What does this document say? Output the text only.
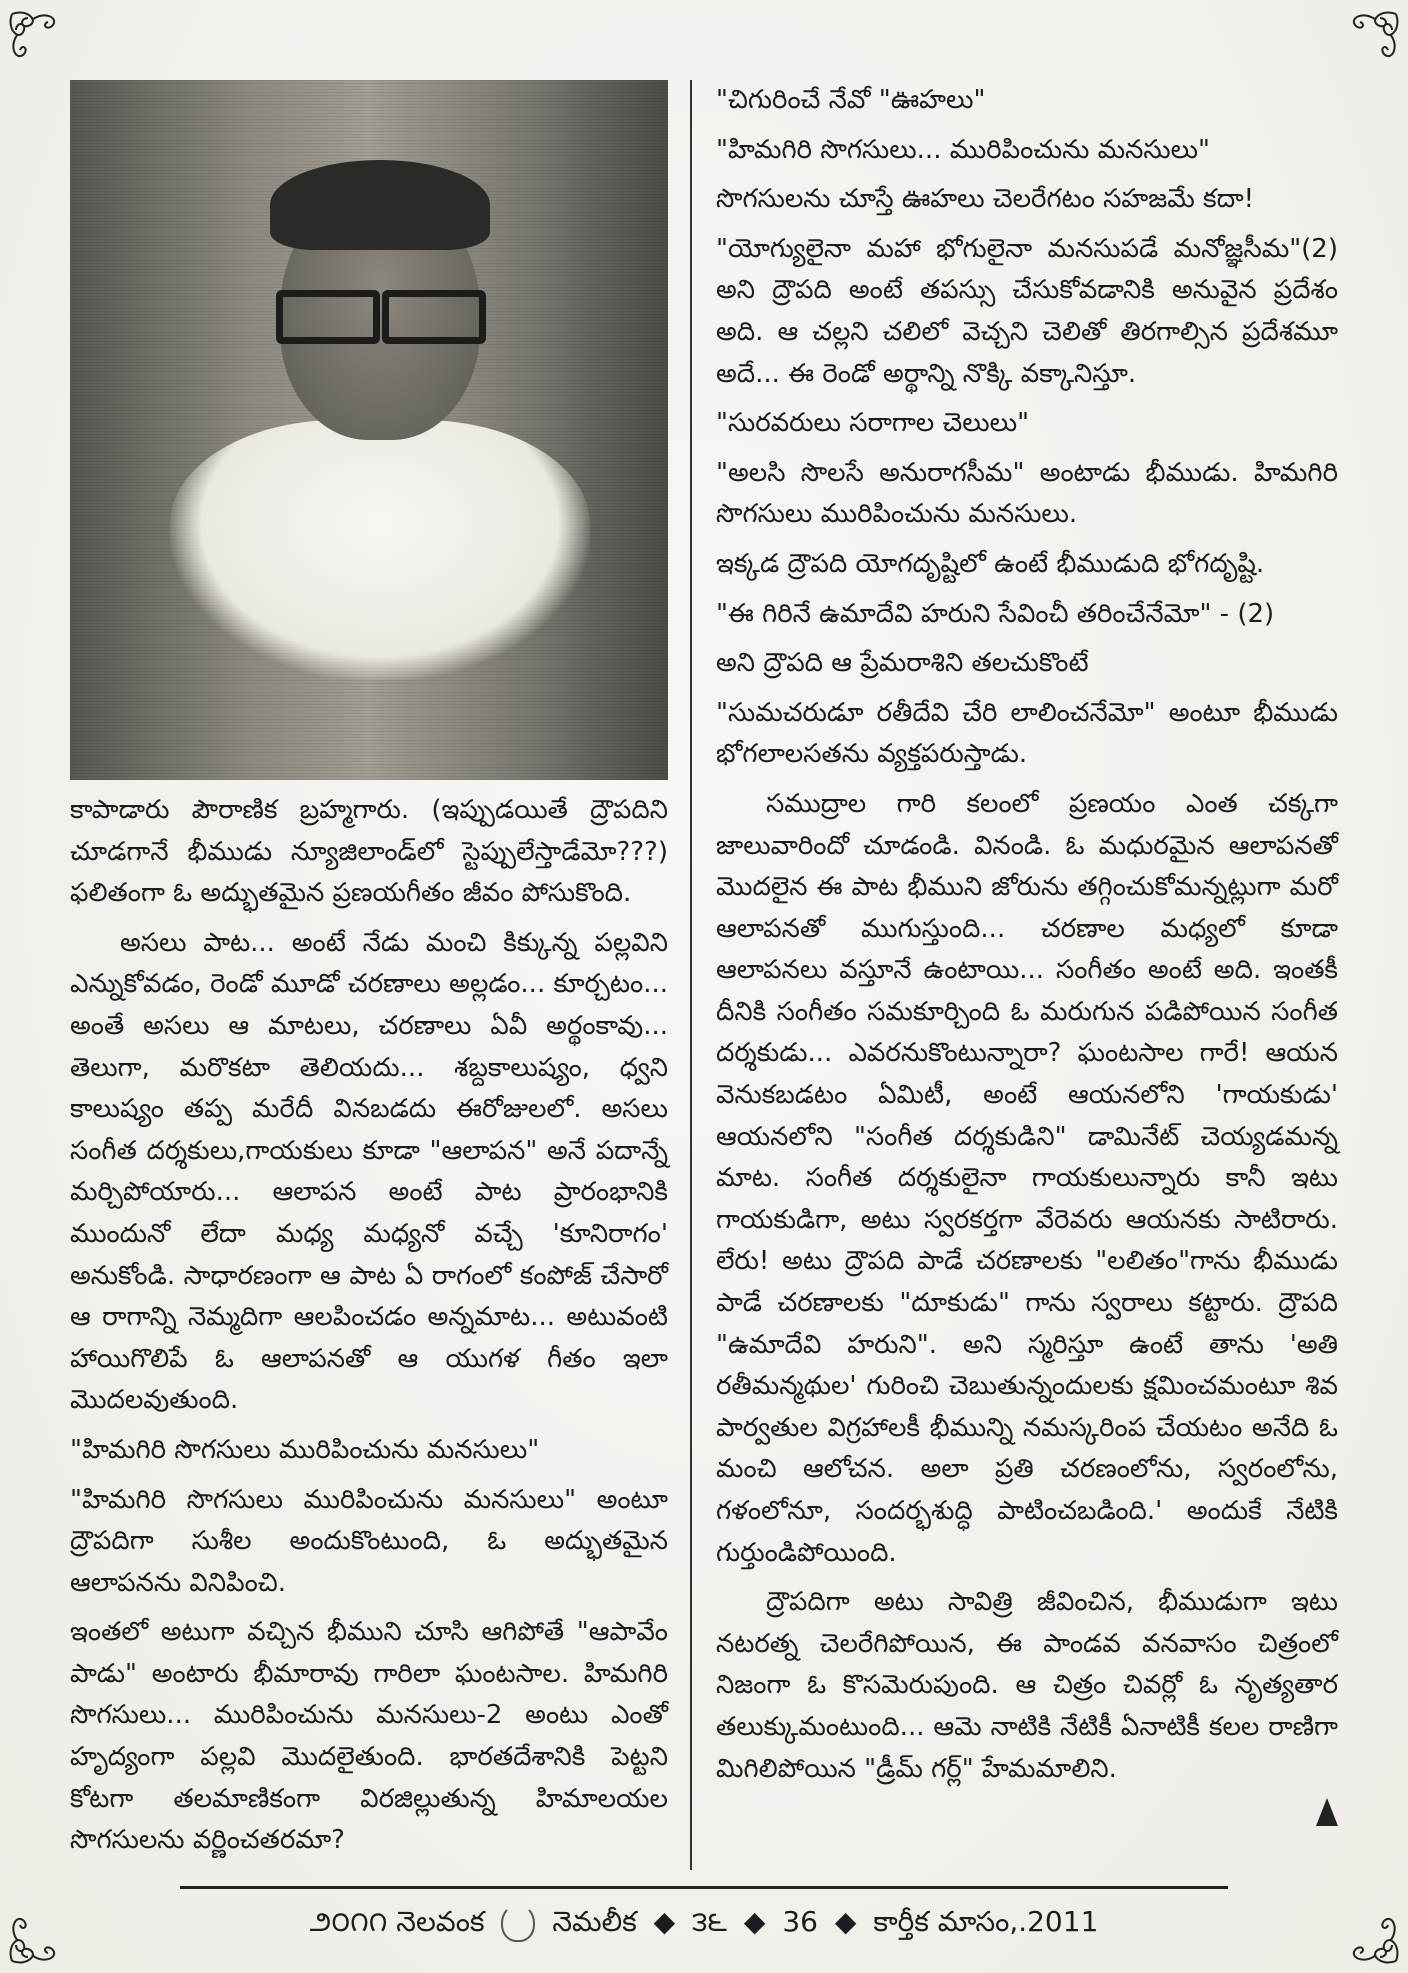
కాపాడారు పౌరాణిక బ్రహ్మగారు. (ఇప్పుడయితే ద్రౌపదిని చూడగానే భీముడు న్యూజిలాండ్‌లో స్టెప్పులేస్తాడేమో???) ఫలితంగా ఓ అద్భుతమైన ప్రణయగీతం జీవం పోసుకొంది.

అసలు పాట... అంటే నేడు మంచి కిక్కున్న పల్లవిని ఎన్నుకోవడం, రెండో మూడో చరణాలు అల్లడం... కూర్చటం... అంతే అసలు ఆ మాటలు, చరణాలు ఏవీ అర్థంకావు... తెలుగా, మరొకటా తెలియదు... శబ్దకాలుష్యం, ధ్వని కాలుష్యం తప్ప మరేదీ వినబడదు ఈరోజులలో. అసలు సంగీత దర్శకులు,గాయకులు కూడా "ఆలాపన" అనే పదాన్నే మర్చిపోయారు... ఆలాపన అంటే పాట ప్రారంభానికి ముందునో లేదా మధ్య మధ్యనో వచ్చే 'కూనిరాగం' అనుకోండి. సాధారణంగా ఆ పాట ఏ రాగంలో కంపోజ్ చేసారో ఆ రాగాన్ని నెమ్మదిగా ఆలపించడం అన్నమాట... అటువంటి హాయిగొలిపే ఓ ఆలాపనతో ఆ యుగళ గీతం ఇలా మొదలవుతుంది.

"హిమగిరి సొగసులు మురిపించును మనసులు"

"హిమగిరి సొగసులు మురిపించును మనసులు" అంటూ ద్రౌపదిగా సుశీల అందుకొంటుంది, ఓ అద్భుతమైన ఆలాపనను వినిపించి.

ఇంతలో అటుగా వచ్చిన భీముని చూసి ఆగిపోతే "ఆపావేం పాడు" అంటారు భీమారావు గారిలా ఘంటసాల. హిమగిరి సొగసులు... మురిపించును మనసులు-2 అంటు ఎంతో హృద్యంగా పల్లవి మొదలైతుంది. భారతదేశానికి పెట్టని కోటగా తలమాణికంగా విరజిల్లుతున్న హిమాలయల సొగసులను వర్ణించతరమా?

"చిగురించే నేవో "ఊహలు"

"హిమగిరి సొగసులు... మురిపించును మనసులు"

సొగసులను చూస్తే ఊహలు చెలరేగటం సహజమే కదా!

"యోగ్యులైనా మహా భోగులైనా మనసుపడే మనోజ్ఞసీమ"(2) అని ద్రౌపది అంటే తపస్సు చేసుకోవడానికి అనువైన ప్రదేశం అది. ఆ చల్లని చలిలో వెచ్చని చెలితో తిరగాల్సిన ప్రదేశమూ అదే... ఈ రెండో అర్థాన్ని నొక్కి వక్కానిస్తూ.

"సురవరులు సరాగాల చెలులు"

"అలసి సొలసే అనురాగసీమ" అంటాడు భీముడు. హిమగిరి సొగసులు మురిపించును మనసులు.

ఇక్కడ ద్రౌపది యోగదృష్టిలో ఉంటే భీముడుది భోగదృష్టి.

"ఈ గిరినే ఉమాదేవి హరుని సేవించీ తరించేనేమో" - (2)

అని ద్రౌపది ఆ ప్రేమరాశిని తలచుకొంటే

"సుమచరుడూ రతీదేవి చేరి లాలించనేమో" అంటూ భీముడు భోగలాలసతను వ్యక్తపరుస్తాడు.

సముద్రాల గారి కలంలో ప్రణయం ఎంత చక్కగా జాలువారిందో చూడండి. వినండి. ఓ మధురమైన ఆలాపనతో మొదలైన ఈ పాట భీముని జోరును తగ్గించుకోమన్నట్లుగా మరో ఆలాపనతో ముగుస్తుంది... చరణాల మధ్యలో కూడా ఆలాపనలు వస్తూనే ఉంటాయి... సంగీతం అంటే అది. ఇంతకీ దీనికి సంగీతం సమకూర్చింది ఓ మరుగున పడిపోయిన సంగీత దర్శకుడు... ఎవరనుకొంటున్నారా? ఘంటసాల గారే! ఆయన వెనుకబడటం ఏమిటీ, అంటే ఆయనలోని 'గాయకుడు' ఆయనలోని "సంగీత దర్శకుడిని" డామినేట్ చెయ్యడమన్న మాట. సంగీత దర్శకులైనా గాయకులున్నారు కానీ ఇటు గాయకుడిగా, అటు స్వరకర్తగా వేరెవరు ఆయనకు సాటిరారు. లేరు! అటు ద్రౌపది పాడే చరణాలకు "లలితం"గాను భీముడు పాడే చరణాలకు "దూకుడు" గాను స్వరాలు కట్టారు. ద్రౌపది "ఉమాదేవి హరుని". అని స్మరిస్తూ ఉంటే తాను 'అతి రతీమన్మథుల' గురించి చెబుతున్నందులకు క్షమించమంటూ శివ పార్వతుల విగ్రహాలకీ భీమున్ని నమస్కరింప చేయటం అనేది ఓ మంచి ఆలోచన. అలా ప్రతి చరణంలోను, స్వరంలోను, గళంలోనూ, సందర్భశుద్ధి పాటించబడింది.' అందుకే నేటికి గుర్తుండిపోయింది.

ద్రౌపదిగా అటు సావిత్రి జీవించిన, భీముడుగా ఇటు నటరత్న చెలరేగిపోయిన, ఈ పాండవ వనవాసం చిత్రంలో నిజంగా ఓ కొసమెరుపుంది. ఆ చిత్రం చివర్లో ఓ నృత్యతార తలుక్కుమంటుంది... ఆమె నాటికి నేటికీ ఏనాటికీ కలల రాణిగా మిగిలిపోయిన "డ్రీమ్ గర్ల్" హేమమాలిని.

౨౦౧౧ నెలవంక నెమలీక ◆ ౩౬ ◆ 36 ◆ కార్తీక మాసం,.2011
